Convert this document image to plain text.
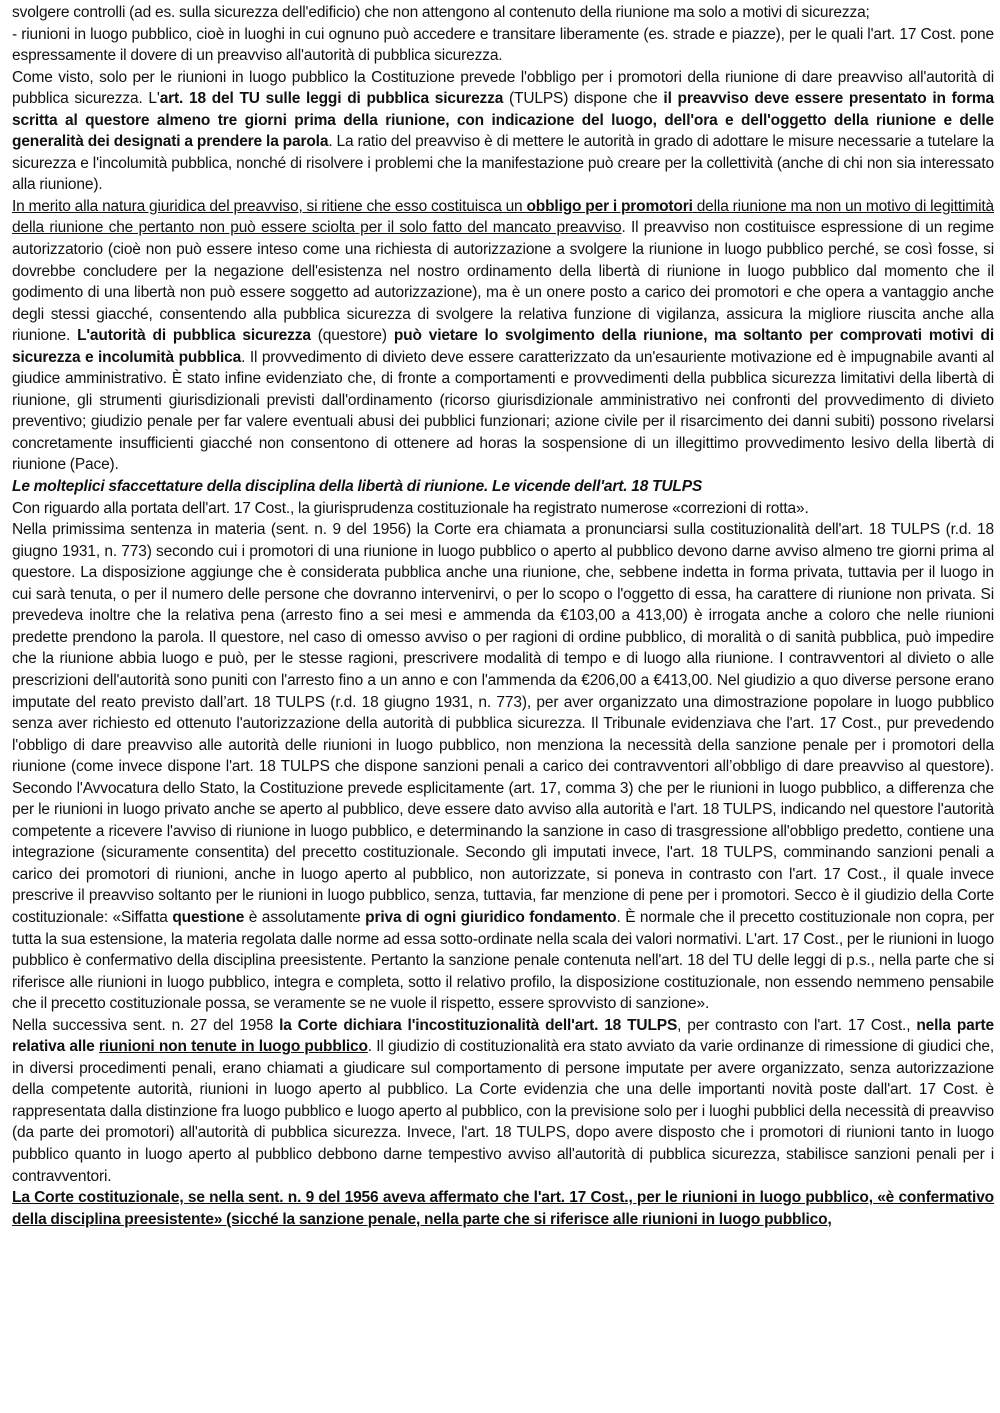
svolgere controlli (ad es. sulla sicurezza dell'edificio) che non attengono al contenuto della riunione ma solo a motivi di sicurezza;

- riunioni in luogo pubblico, cioè in luoghi in cui ognuno può accedere e transitare liberamente (es. strade e piazze), per le quali l'art. 17 Cost. pone espressamente il dovere di un preavviso all'autorità di pubblica sicurezza.

Come visto, solo per le riunioni in luogo pubblico la Costituzione prevede l'obbligo per i promotori della riunione di dare preavviso all'autorità di pubblica sicurezza. L'art. 18 del TU sulle leggi di pubblica sicurezza (TULPS) dispone che il preavviso deve essere presentato in forma scritta al questore almeno tre giorni prima della riunione, con indicazione del luogo, dell'ora e dell'oggetto della riunione e delle generalità dei designati a prendere la parola. La ratio del preavviso è di mettere le autorità in grado di adottare le misure necessarie a tutelare la sicurezza e l'incolumità pubblica, nonché di risolvere i problemi che la manifestazione può creare per la collettività (anche di chi non sia interessato alla riunione).

In merito alla natura giuridica del preavviso, si ritiene che esso costituisca un obbligo per i promotori della riunione ma non un motivo di legittimità della riunione che pertanto non può essere sciolta per il solo fatto del mancato preavviso. Il preavviso non costituisce espressione di un regime autorizzatorio (cioè non può essere inteso come una richiesta di autorizzazione a svolgere la riunione in luogo pubblico perché, se così fosse, si dovrebbe concludere per la negazione dell'esistenza nel nostro ordinamento della libertà di riunione in luogo pubblico dal momento che il godimento di una libertà non può essere soggetto ad autorizzazione), ma è un onere posto a carico dei promotori e che opera a vantaggio anche degli stessi giacché, consentendo alla pubblica sicurezza di svolgere la relativa funzione di vigilanza, assicura la migliore riuscita anche alla riunione. L'autorità di pubblica sicurezza (questore) può vietare lo svolgimento della riunione, ma soltanto per comprovati motivi di sicurezza e incolumità pubblica. Il provvedimento di divieto deve essere caratterizzato da un'esauriente motivazione ed è impugnabile avanti al giudice amministrativo. È stato infine evidenziato che, di fronte a comportamenti e provvedimenti della pubblica sicurezza limitativi della libertà di riunione, gli strumenti giurisdizionali previsti dall'ordinamento (ricorso giurisdizionale amministrativo nei confronti del provvedimento di divieto preventivo; giudizio penale per far valere eventuali abusi dei pubblici funzionari; azione civile per il risarcimento dei danni subiti) possono rivelarsi concretamente insufficienti giacché non consentono di ottenere ad horas la sospensione di un illegittimo provvedimento lesivo della libertà di riunione (Pace).

Le molteplici sfaccettature della disciplina della libertà di riunione. Le vicende dell'art. 18 TULPS

Con riguardo alla portata dell'art. 17 Cost., la giurisprudenza costituzionale ha registrato numerose «correzioni di rotta».

Nella primissima sentenza in materia (sent. n. 9 del 1956) la Corte era chiamata a pronunciarsi sulla costituzionalità dell'art. 18 TULPS (r.d. 18 giugno 1931, n. 773) secondo cui i promotori di una riunione in luogo pubblico o aperto al pubblico devono darne avviso almeno tre giorni prima al questore. La disposizione aggiunge che è considerata pubblica anche una riunione, che, sebbene indetta in forma privata, tuttavia per il luogo in cui sarà tenuta, o per il numero delle persone che dovranno intervenirvi, o per lo scopo o l'oggetto di essa, ha carattere di riunione non privata. Si prevedeva inoltre che la relativa pena (arresto fino a sei mesi e ammenda da €103,00 a 413,00) è irrogata anche a coloro che nelle riunioni predette prendono la parola. Il questore, nel caso di omesso avviso o per ragioni di ordine pubblico, di moralità o di sanità pubblica, può impedire che la riunione abbia luogo e può, per le stesse ragioni, prescrivere modalità di tempo e di luogo alla riunione. I contravventori al divieto o alle prescrizioni dell'autorità sono puniti con l'arresto fino a un anno e con l'ammenda da €206,00 a €413,00. Nel giudizio a quo diverse persone erano imputate del reato previsto dall’art. 18 TULPS (r.d. 18 giugno 1931, n. 773), per aver organizzato una dimostrazione popolare in luogo pubblico senza aver richiesto ed ottenuto l'autorizzazione della autorità di pubblica sicurezza. Il Tribunale evidenziava che l'art. 17 Cost., pur prevedendo l'obbligo di dare preavviso alle autorità delle riunioni in luogo pubblico, non menziona la necessità della sanzione penale per i promotori della riunione (come invece dispone l'art. 18 TULPS che dispone sanzioni penali a carico dei contravventori all’obbligo di dare preavviso al questore). Secondo l'Avvocatura dello Stato, la Costituzione prevede esplicitamente (art. 17, comma 3) che per le riunioni in luogo pubblico, a differenza che per le riunioni in luogo privato anche se aperto al pubblico, deve essere dato avviso alla autorità e l'art. 18 TULPS, indicando nel questore l'autorità competente a ricevere l'avviso di riunione in luogo pubblico, e determinando la sanzione in caso di trasgressione all'obbligo predetto, contiene una integrazione (sicuramente consentita) del precetto costituzionale. Secondo gli imputati invece, l'art. 18 TULPS, comminando sanzioni penali a carico dei promotori di riunioni, anche in luogo aperto al pubblico, non autorizzate, si poneva in contrasto con l'art. 17 Cost., il quale invece prescrive il preavviso soltanto per le riunioni in luogo pubblico, senza, tuttavia, far menzione di pene per i promotori. Secco è il giudizio della Corte costituzionale: «Siffatta questione è assolutamente priva di ogni giuridico fondamento. È normale che il precetto costituzionale non copra, per tutta la sua estensione, la materia regolata dalle norme ad essa sotto-ordinate nella scala dei valori normativi. L'art. 17 Cost., per le riunioni in luogo pubblico è confermativo della disciplina preesistente. Pertanto la sanzione penale contenuta nell'art. 18 del TU delle leggi di p.s., nella parte che si riferisce alle riunioni in luogo pubblico, integra e completa, sotto il relativo profilo, la disposizione costituzionale, non essendo nemmeno pensabile che il precetto costituzionale possa, se veramente se ne vuole il rispetto, essere sprovvisto di sanzione».

Nella successiva sent. n. 27 del 1958 la Corte dichiara l'incostituzionalità dell'art. 18 TULPS, per contrasto con l'art. 17 Cost., nella parte relativa alle riunioni non tenute in luogo pubblico. Il giudizio di costituzionalità era stato avviato da varie ordinanze di rimessione di giudici che, in diversi procedimenti penali, erano chiamati a giudicare sul comportamento di persone imputate per avere organizzato, senza autorizzazione della competente autorità, riunioni in luogo aperto al pubblico. La Corte evidenzia che una delle importanti novità poste dall'art. 17 Cost. è rappresentata dalla distinzione fra luogo pubblico e luogo aperto al pubblico, con la previsione solo per i luoghi pubblici della necessità di preavviso (da parte dei promotori) all'autorità di pubblica sicurezza. Invece, l'art. 18 TULPS, dopo avere disposto che i promotori di riunioni tanto in luogo pubblico quanto in luogo aperto al pubblico debbono darne tempestivo avviso all'autorità di pubblica sicurezza, stabilisce sanzioni penali per i contravventori.

La Corte costituzionale, se nella sent. n. 9 del 1956 aveva affermato che l'art. 17 Cost., per le riunioni in luogo pubblico, «è confermativo della disciplina preesistente» (sicché la sanzione penale, nella parte che si riferisce alle riunioni in luogo pubblico,
